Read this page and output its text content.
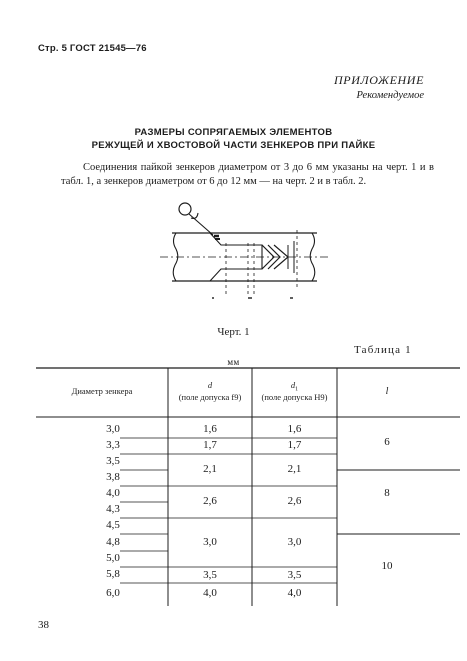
Стр. 5 ГОСТ 21545—76
ПРИЛОЖЕНИЕ
Рекомендуемое
РАЗМЕРЫ СОПРЯГАЕМЫХ ЭЛЕМЕНТОВ
РЕЖУЩЕЙ И ХВОСТОВОЙ ЧАСТИ ЗЕНКЕРОВ ПРИ ПАЙКЕ
Соединения пайкой зенкеров диаметром от 3 до 6 мм указаны на черт. 1 и в табл. 1, а зенкеров диаметром от 6 до 12 мм — на черт. 2 и в табл. 2.
Черт. 1
Таблица 1
мм
Диаметр зенкера
d
(поле допуска f9)
$d_1$
(поле допуска H9)	l
3,0
3,3
3,5
3,8
4,0
4,3
4,5
4,8
5,0
5,8
6,0
1,6
1,7
2,1
2,6
3,0
3,5
4,0
1,6
1,7
2,1
2,6
3,0
3,5
4,0
6
8
10
38
